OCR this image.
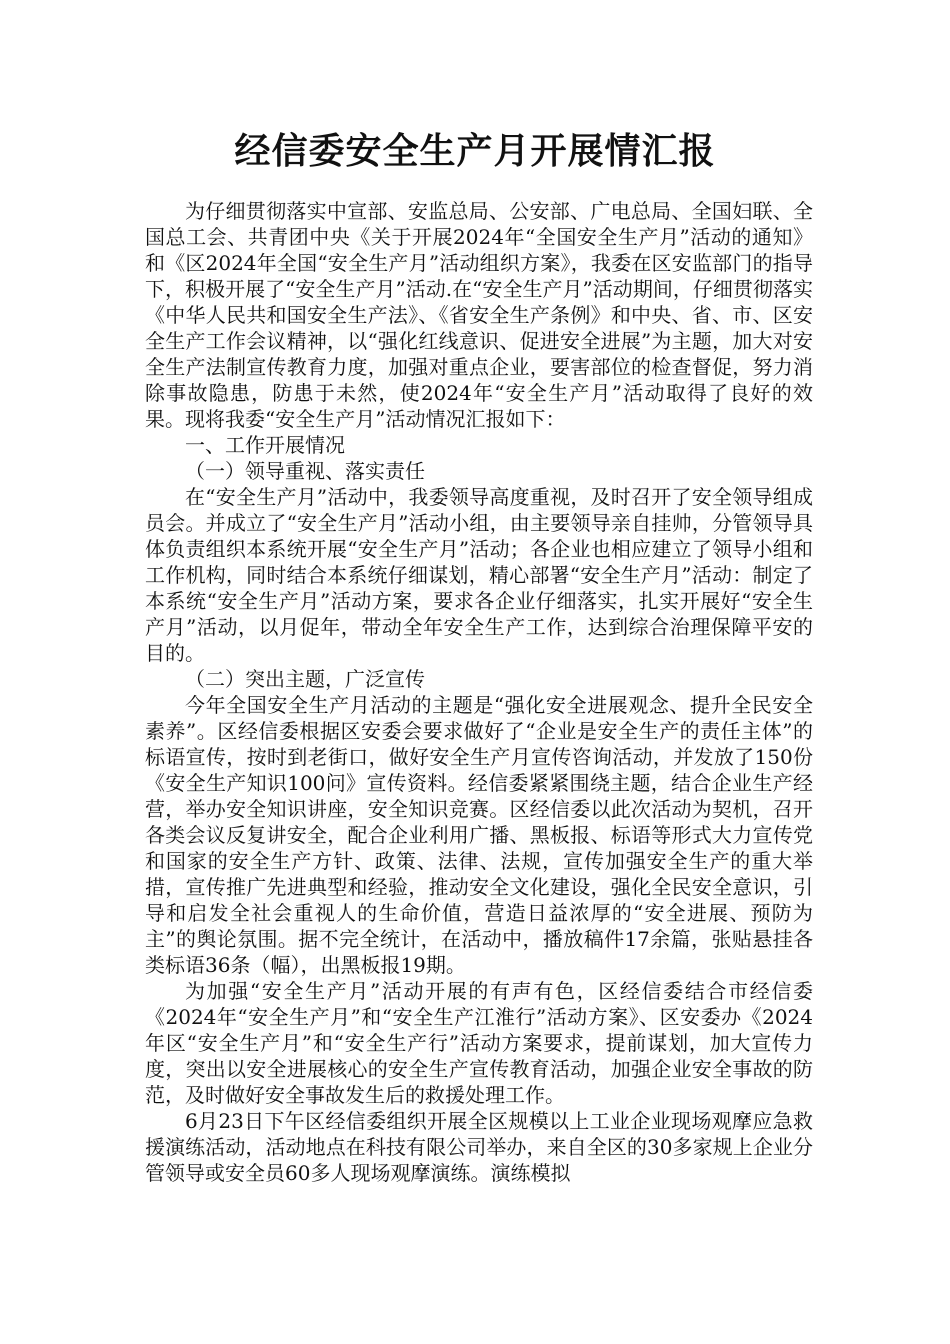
经信委安全生产月开展情汇报

为仔细贯彻落实中宣部、安监总局、公安部、广电总局、全国妇联、全国总工会、共青团中央《关于开展2024年“全国安全生产月”活动的通知》和《区2024年全国“安全生产月”活动组织方案》，我委在区安监部门的指导下，积极开展了“安全生产月”活动.在“安全生产月”活动期间，仔细贯彻落实《中华人民共和国安全生产法》、《省安全生产条例》和中央、省、市、区安全生产工作会议精神，以“强化红线意识、促进安全进展”为主题，加大对安全生产法制宣传教育力度，加强对重点企业，要害部位的检查督促，努力消除事故隐患，防患于未然，使2024年“安全生产月”活动取得了良好的效果。现将我委“安全生产月”活动情况汇报如下：

一、工作开展情况

（一）领导重视、落实责任

在“安全生产月”活动中，我委领导高度重视，及时召开了安全领导组成员会。并成立了“安全生产月”活动小组，由主要领导亲自挂帅，分管领导具体负责组织本系统开展“安全生产月”活动；各企业也相应建立了领导小组和工作机构，同时结合本系统仔细谋划，精心部署“安全生产月”活动：制定了本系统“安全生产月”活动方案，要求各企业仔细落实，扎实开展好“安全生产月”活动，以月促年，带动全年安全生产工作，达到综合治理保障平安的目的。

（二）突出主题，广泛宣传

今年全国安全生产月活动的主题是“强化安全进展观念、提升全民安全素养”。区经信委根据区安委会要求做好了“企业是安全生产的责任主体”的标语宣传，按时到老街口，做好安全生产月宣传咨询活动，并发放了150份《安全生产知识100问》宣传资料。经信委紧紧围绕主题，结合企业生产经营，举办安全知识讲座，安全知识竞赛。区经信委以此次活动为契机，召开各类会议反复讲安全，配合企业利用广播、黑板报、标语等形式大力宣传党和国家的安全生产方针、政策、法律、法规，宣传加强安全生产的重大举措，宣传推广先进典型和经验，推动安全文化建设，强化全民安全意识，引导和启发全社会重视人的生命价值，营造日益浓厚的“安全进展、预防为主”的舆论氛围。据不完全统计，在活动中，播放稿件17余篇，张贴悬挂各类标语36条（幅），出黑板报19期。

为加强“安全生产月”活动开展的有声有色，区经信委结合市经信委《2024年“安全生产月”和“安全生产江淮行”活动方案》、区安委办《2024年区“安全生产月”和“安全生产行”活动方案要求，提前谋划，加大宣传力度，突出以安全进展核心的安全生产宣传教育活动，加强企业安全事故的防范，及时做好安全事故发生后的救援处理工作。

6月23日下午区经信委组织开展全区规模以上工业企业现场观摩应急救援演练活动，活动地点在科技有限公司举办，来自全区的30多家规上企业分管领导或安全员60多人现场观摩演练。演练模拟
